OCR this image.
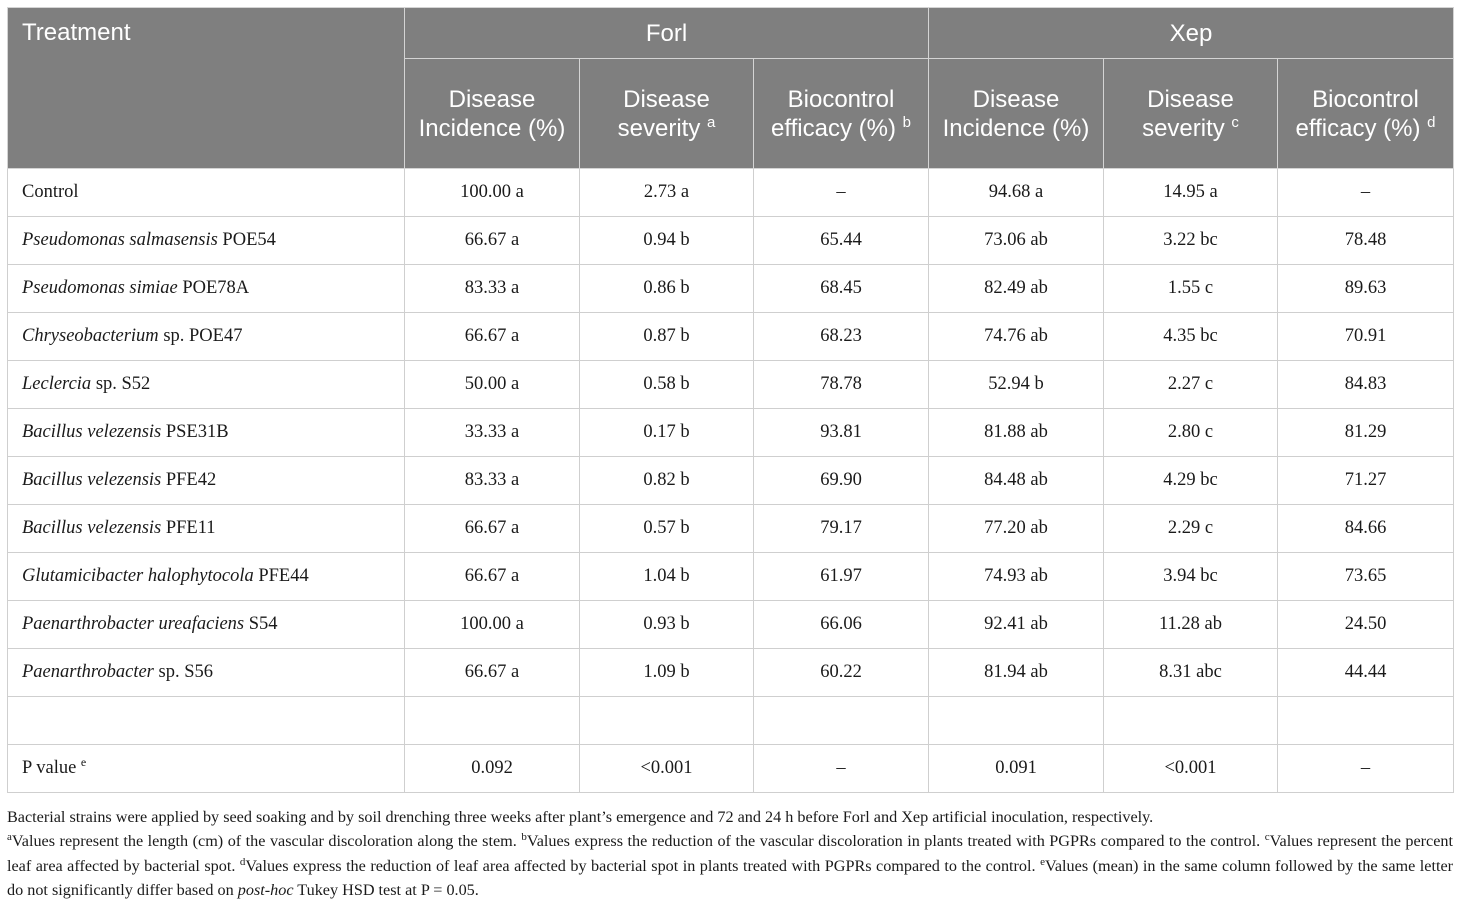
Treatment	Forl			Xep		
	Disease Incidence (%)	Disease severity $^a$	Biocontrol efficacy (%) $^b$	Disease Incidence (%)	Disease severity $^c$	Biocontrol efficacy (%) $^d$
Control	100.00 a	2.73 a	–	94.68 a	14.95 a	–
Pseudomonas salmasensis POE54	66.67 a	0.94 b	65.44	73.06 ab	3.22 bc	78.48
Pseudomonas simiae POE78A	83.33 a	0.86 b	68.45	82.49 ab	1.55 c	89.63
Chryseobacterium sp. POE47	66.67 a	0.87 b	68.23	74.76 ab	4.35 bc	70.91
Leclercia sp. S52	50.00 a	0.58 b	78.78	52.94 b	2.27 c	84.83
Bacillus velezensis PSE31B	33.33 a	0.17 b	93.81	81.88 ab	2.80 c	81.29
Bacillus velezensis PFE42	83.33 a	0.82 b	69.90	84.48 ab	4.29 bc	71.27
Bacillus velezensis PFE11	66.67 a	0.57 b	79.17	77.20 ab	2.29 c	84.66
Glutamicibacter halophytocola PFE44	66.67 a	1.04 b	61.97	74.93 ab	3.94 bc	73.65
Paenarthrobacter ureafaciens S54	100.00 a	0.93 b	66.06	92.41 ab	11.28 ab	24.50
Paenarthrobacter sp. S56	66.67 a	1.09 b	60.22	81.94 ab	8.31 abc	44.44

P value $^e$	0.092	<0.001	–	0.091	<0.001	–

Bacterial strains were applied by seed soaking and by soil drenching three weeks after plant’s emergence and 72 and 24 h before Forl and Xep artificial inoculation, respectively.

$^a$Values represent the length (cm) of the vascular discoloration along the stem. $^b$Values express the reduction of the vascular discoloration in plants treated with PGPRs compared to the control. $^c$Values represent the percent leaf area affected by bacterial spot. $^d$Values express the reduction of leaf area affected by bacterial spot in plants treated with PGPRs compared to the control. $^e$Values (mean) in the same column followed by the same letter do not significantly differ based on post-hoc Tukey HSD test at P = 0.05.
